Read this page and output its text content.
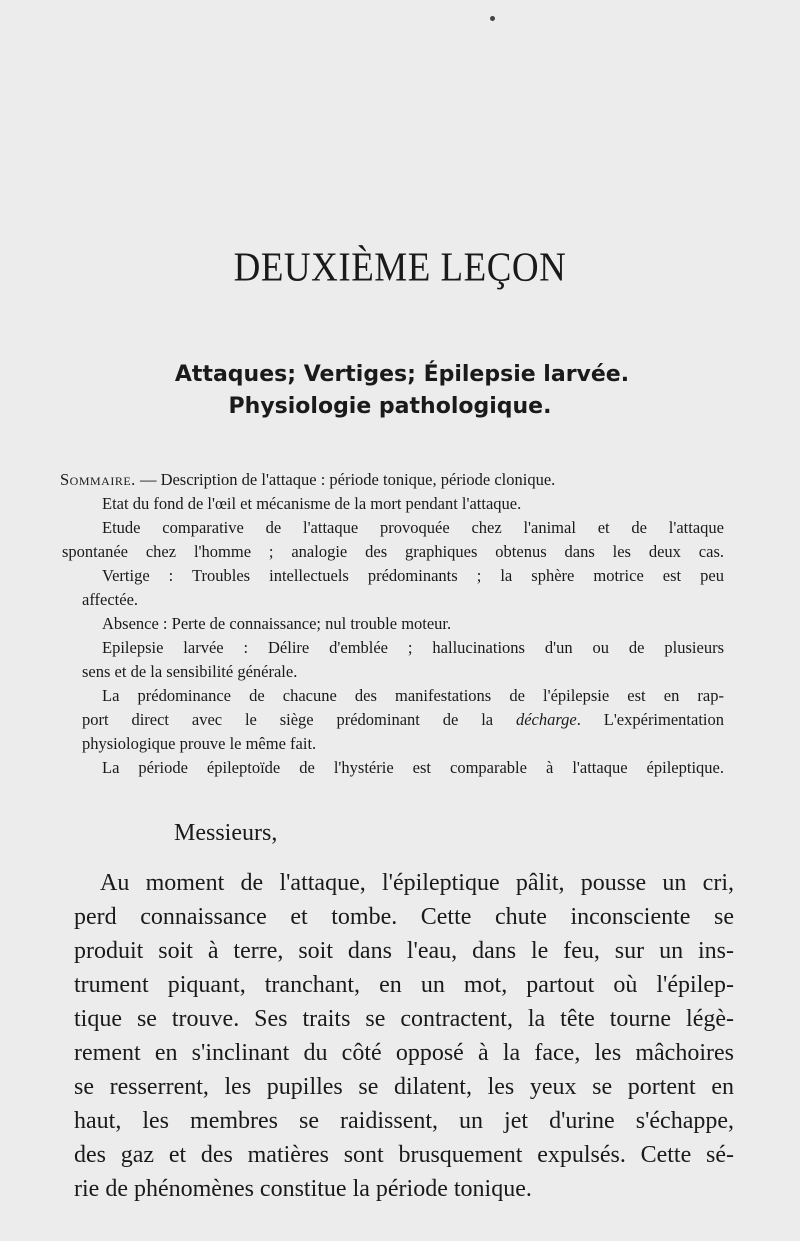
DEUXIÈME LEÇON
Attaques; Vertiges; Épilepsie larvée.
Physiologie pathologique.
Sommaire. — Description de l'attaque : période tonique, période clonique.
Etat du fond de l'œil et mécanisme de la mort pendant l'attaque.
Etude comparative de l'attaque provoquée chez l'animal et de l'attaque
spontanée chez l'homme ; analogie des graphiques obtenus dans les deux cas.
Vertige : Troubles intellectuels prédominants ; la sphère motrice est peu
affectée.
Absence : Perte de connaissance; nul trouble moteur.
Epilepsie larvée : Délire d'emblée ; hallucinations d'un ou de plusieurs
sens et de la sensibilité générale.
La prédominance de chacune des manifestations de l'épilepsie est en rap-
port direct avec le siège prédominant de la décharge. L'expérimentation
physiologique prouve le même fait.
La période épileptoïde de l'hystérie est comparable à l'attaque épileptique.

Messieurs,

Au moment de l'attaque, l'épileptique pâlit, pousse un cri,
perd connaissance et tombe. Cette chute inconsciente se
produit soit à terre, soit dans l'eau, dans le feu, sur un ins-
trument piquant, tranchant, en un mot, partout où l'épilep-
tique se trouve. Ses traits se contractent, la tête tourne légè-
rement en s'inclinant du côté opposé à la face, les mâchoires
se resserrent, les pupilles se dilatent, les yeux se portent en
haut, les membres se raidissent, un jet d'urine s'échappe,
des gaz et des matières sont brusquement expulsés. Cette sé-
rie de phénomènes constitue la période tonique.
